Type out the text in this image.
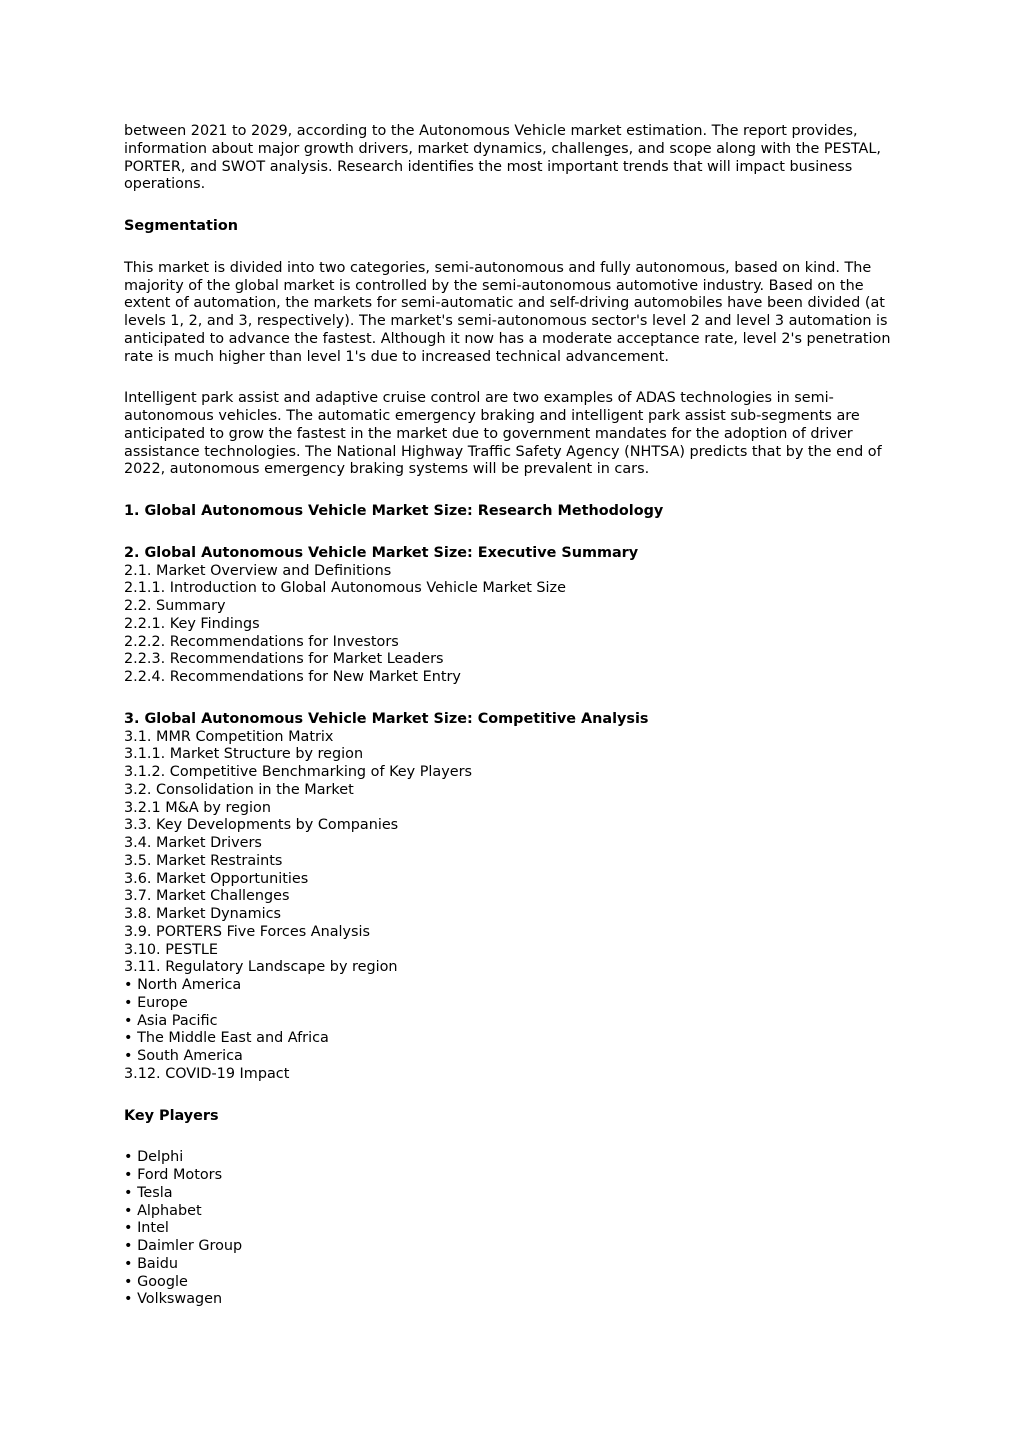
between 2021 to 2029, according to the Autonomous Vehicle market estimation. The report provides, information about major growth drivers, market dynamics, challenges, and scope along with the PESTAL, PORTER, and SWOT analysis. Research identifies the most important trends that will impact business operations.

Segmentation

This market is divided into two categories, semi-autonomous and fully autonomous, based on kind. The majority of the global market is controlled by the semi-autonomous automotive industry. Based on the extent of automation, the markets for semi-automatic and self-driving automobiles have been divided (at levels 1, 2, and 3, respectively). The market's semi-autonomous sector's level 2 and level 3 automation is anticipated to advance the fastest. Although it now has a moderate acceptance rate, level 2's penetration rate is much higher than level 1's due to increased technical advancement.

Intelligent park assist and adaptive cruise control are two examples of ADAS technologies in semi-autonomous vehicles. The automatic emergency braking and intelligent park assist sub-segments are anticipated to grow the fastest in the market due to government mandates for the adoption of driver assistance technologies. The National Highway Traffic Safety Agency (NHTSA) predicts that by the end of 2022, autonomous emergency braking systems will be prevalent in cars.

1. Global Autonomous Vehicle Market Size: Research Methodology
2. Global Autonomous Vehicle Market Size: Executive Summary
2.1. Market Overview and Definitions
2.1.1. Introduction to Global Autonomous Vehicle Market Size
2.2. Summary
2.2.1. Key Findings
2.2.2. Recommendations for Investors
2.2.3. Recommendations for Market Leaders
2.2.4. Recommendations for New Market Entry
3. Global Autonomous Vehicle Market Size: Competitive Analysis
3.1. MMR Competition Matrix
3.1.1. Market Structure by region
3.1.2. Competitive Benchmarking of Key Players
3.2. Consolidation in the Market
3.2.1 M&A by region
3.3. Key Developments by Companies
3.4. Market Drivers
3.5. Market Restraints
3.6. Market Opportunities
3.7. Market Challenges
3.8. Market Dynamics
3.9. PORTERS Five Forces Analysis
3.10. PESTLE
3.11. Regulatory Landscape by region
• North America
• Europe
• Asia Pacific
• The Middle East and Africa
• South America
3.12. COVID-19 Impact
Key Players
• Delphi
• Ford Motors
• Tesla
• Alphabet
• Intel
• Daimler Group
• Baidu
• Google
• Volkswagen
